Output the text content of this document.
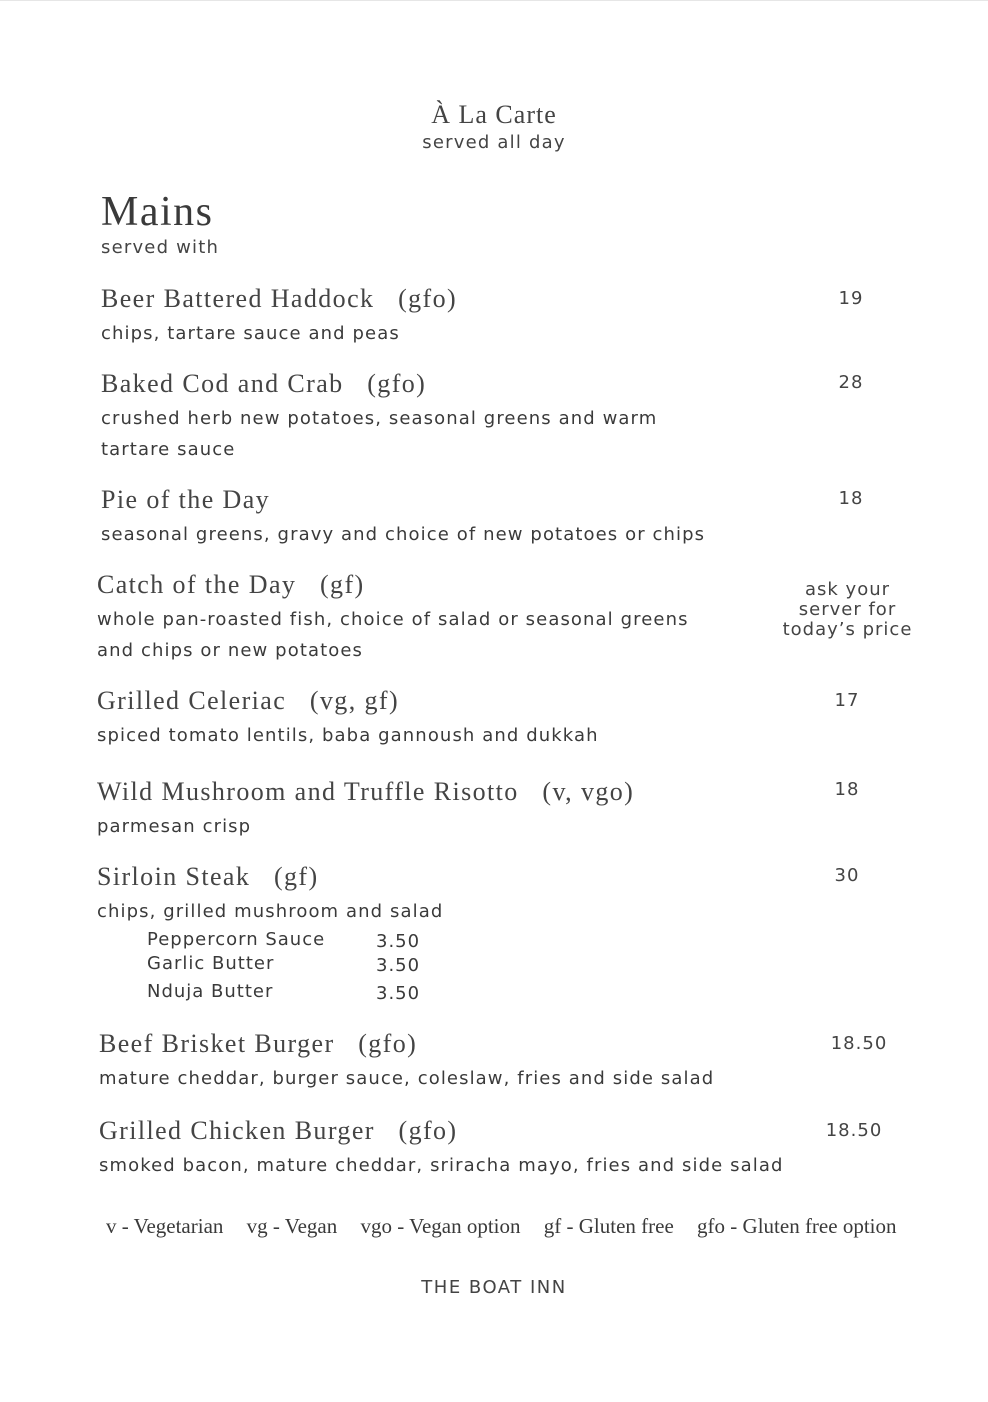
À La Carte
served all day
Mains
served with
Beer Battered Haddock   (gfo)
chips, tartare sauce and peas
19
Baked Cod and Crab   (gfo)
crushed herb new potatoes, seasonal greens and warm tartare sauce
28
Pie of the Day
seasonal greens, gravy and choice of new potatoes or chips
18
Catch of the Day   (gf)
whole pan-roasted fish, choice of salad or seasonal greens and chips or new potatoes
ask your server for today’s price
Grilled Celeriac   (vg, gf)
spiced tomato lentils, baba gannoush and dukkah
17
Wild Mushroom and Truffle Risotto   (v, vgo)
parmesan crisp
18
Sirloin Steak   (gf)
chips, grilled mushroom and salad
30
Peppercorn Sauce	3.50
Garlic Butter	3.50
Nduja Butter	3.50
Beef Brisket Burger   (gfo)
mature cheddar, burger sauce, coleslaw, fries and side salad
18.50
Grilled Chicken Burger   (gfo)
smoked bacon, mature cheddar, sriracha mayo, fries and side salad
18.50
v - Vegetarian vg - Vegan vgo - Vegan option gf - Gluten free gfo - Gluten free option
THE BOAT INN
